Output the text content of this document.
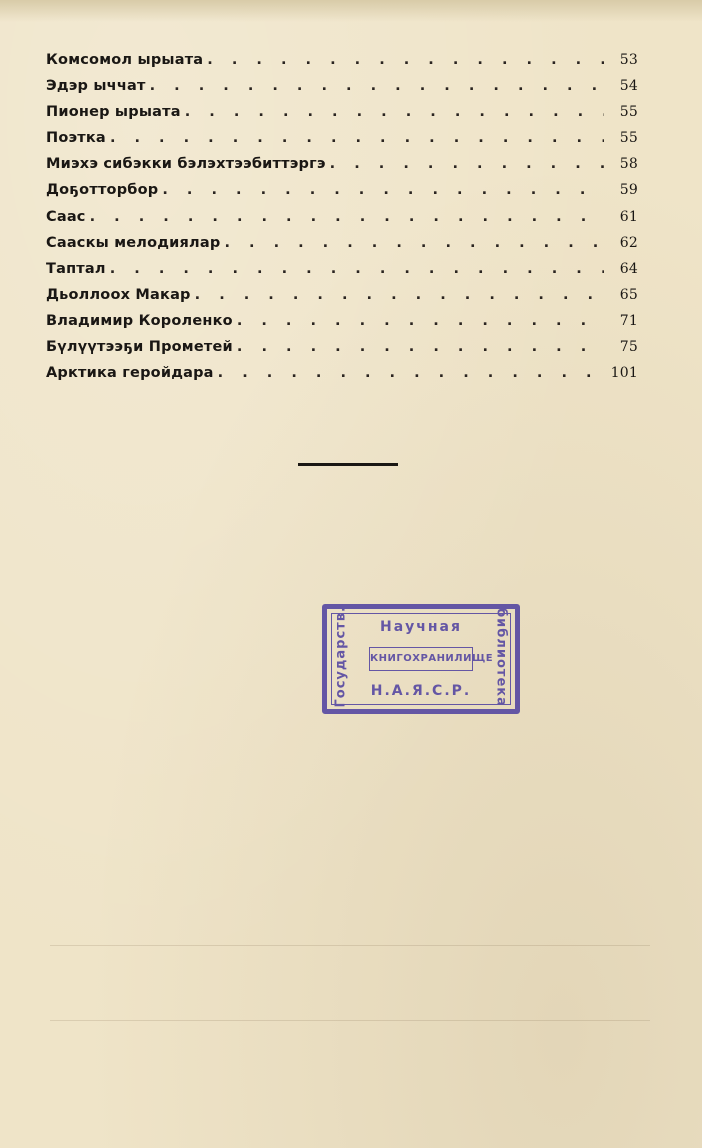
Комсомол ырыата . . .	53
Эдэр ыччат . . .	54
Пионер ырыата . . .	55
Поэтка . . .	55
Миэхэ сибэкки бэлэхтээбиттэргэ . . .	58
Доҕотторбор . . .	59
Сааc . . .	61
Сааскы мелодиялар . . .	62
Таптал . . .	64
Дьоллоох Макар . . .	65
Владимир Короленко . . .	71
Бүлүүтээҕи Прометей . . .	75
Арктика геройдара . . .	101
Научная
Государств.	библиотека
КНИГОХРАНИЛИЩЕ
Н.А.Я.С.Р.
